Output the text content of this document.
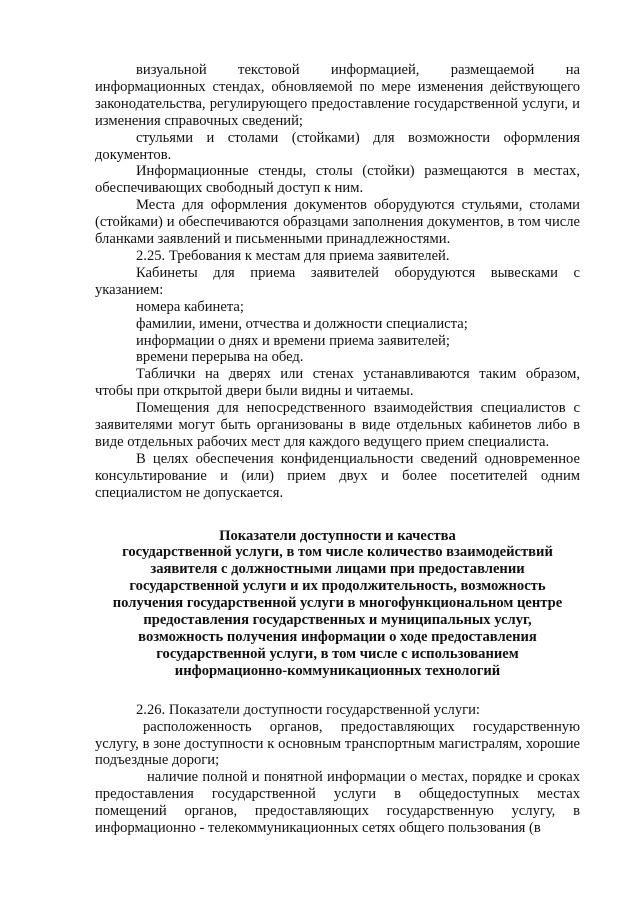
визуальной текстовой информацией, размещаемой на информационных стендах, обновляемой по мере изменения действующего законодательства, регулирующего предоставление государственной услуги, и изменения справочных сведений;

стульями и столами (стойками) для возможности оформления документов.

Информационные стенды, столы (стойки) размещаются в местах, обеспечивающих свободный доступ к ним.

Места для оформления документов оборудуются стульями, столами (стойками) и обеспечиваются образцами заполнения документов, в том числе бланками заявлений и письменными принадлежностями.

2.25. Требования к местам для приема заявителей.

Кабинеты для приема заявителей оборудуются вывесками с указанием:

номера кабинета;

фамилии, имени, отчества и должности специалиста;

информации о днях и времени приема заявителей;

времени перерыва на обед.

Таблички на дверях или стенах устанавливаются таким образом, чтобы при открытой двери были видны и читаемы.

Помещения для непосредственного взаимодействия специалистов с заявителями могут быть организованы в виде отдельных кабинетов либо в виде отдельных рабочих мест для каждого ведущего прием специалиста.

В целях обеспечения конфиденциальности сведений одновременное консультирование и (или) прием двух и более посетителей одним специалистом не допускается.

Показатели доступности и качества
государственной услуги, в том числе количество взаимодействий
заявителя с должностными лицами при предоставлении
государственной услуги и их продолжительность, возможность
получения государственной услуги в многофункциональном центре
предоставления государственных и муниципальных услуг,
возможность получения информации о ходе предоставления
государственной услуги, в том числе с использованием
информационно-коммуникационных технологий

2.26. Показатели доступности государственной услуги:

расположенность органов, предоставляющих государственную услугу, в зоне доступности к основным транспортным магистралям, хорошие подъездные дороги;

наличие полной и понятной информации о местах, порядке и сроках предоставления государственной услуги в общедоступных местах помещений органов, предоставляющих государственную услугу, в информационно - телекоммуникационных сетях общего пользования (в
